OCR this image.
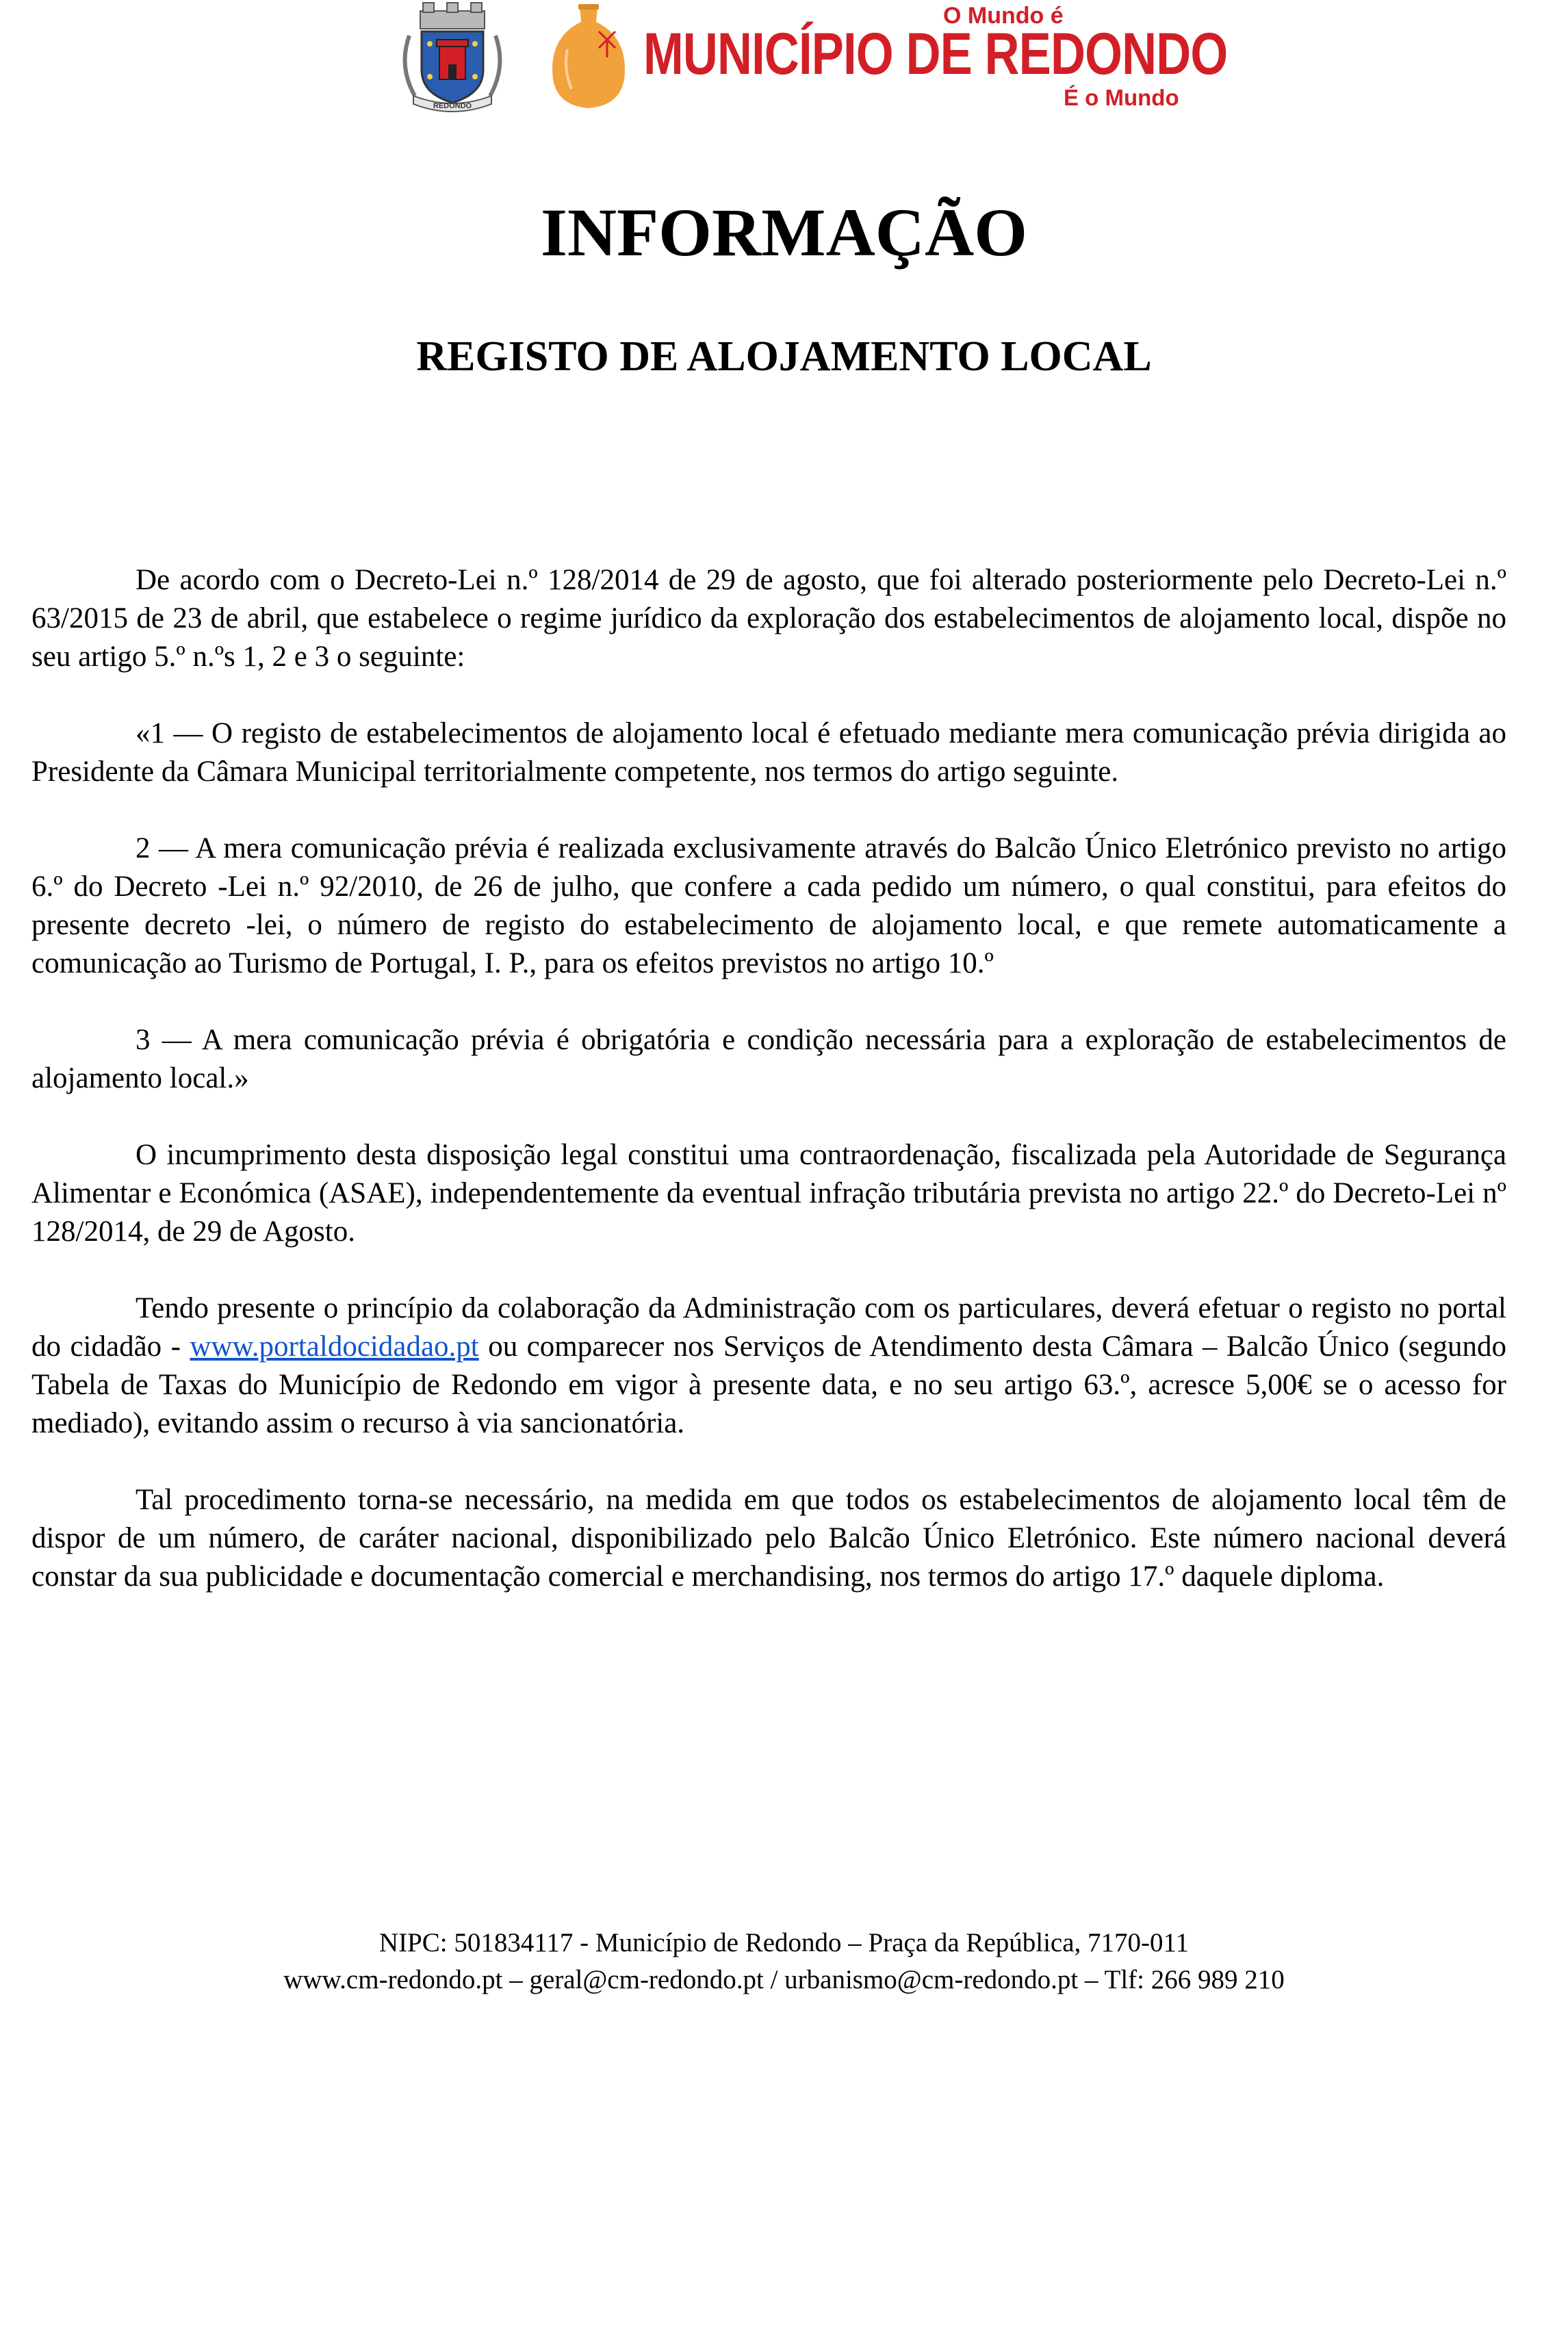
REDONDO
O Mundo é
MUNICÍPIO DE REDONDO
É o Mundo
INFORMAÇÃO
REGISTO DE ALOJAMENTO LOCAL

De acordo com o Decreto-Lei n.º 128/2014 de 29 de agosto, que foi alterado posteriormente pelo Decreto-Lei n.º 63/2015 de 23 de abril, que estabelece o regime jurídico da exploração dos estabelecimentos de alojamento local, dispõe no seu artigo 5.º n.ºs 1, 2 e 3 o seguinte:

«1 — O registo de estabelecimentos de alojamento local é efetuado mediante mera comunicação prévia dirigida ao Presidente da Câmara Municipal territorialmente competente, nos termos do artigo seguinte.

2 — A mera comunicação prévia é realizada exclusivamente através do Balcão Único Eletrónico previsto no artigo 6.º do Decreto -Lei n.º 92/2010, de 26 de julho, que confere a cada pedido um número, o qual constitui, para efeitos do presente decreto -lei, o número de registo do estabelecimento de alojamento local, e que remete automaticamente a comunicação ao Turismo de Portugal, I. P., para os efeitos previstos no artigo 10.º

3 — A mera comunicação prévia é obrigatória e condição necessária para a exploração de estabelecimentos de alojamento local.»

O incumprimento desta disposição legal constitui uma contraordenação, fiscalizada pela Autoridade de Segurança Alimentar e Económica (ASAE), independentemente da eventual infração tributária prevista no artigo 22.º do Decreto-Lei nº 128/2014, de 29 de Agosto.

Tendo presente o princípio da colaboração da Administração com os particulares, deverá efetuar o registo no portal do cidadão - www.portaldocidadao.pt ou comparecer nos Serviços de Atendimento desta Câmara – Balcão Único (segundo Tabela de Taxas do Município de Redondo em vigor à presente data, e no seu artigo 63.º, acresce 5,00€ se o acesso for mediado), evitando assim o recurso à via sancionatória.

Tal procedimento torna-se necessário, na medida em que todos os estabelecimentos de alojamento local têm de dispor de um número, de caráter nacional, disponibilizado pelo Balcão Único Eletrónico. Este número nacional deverá constar da sua publicidade e documentação comercial e merchandising, nos termos do artigo 17.º daquele diploma.

NIPC: 501834117 - Município de Redondo – Praça da República, 7170-011
www.cm-redondo.pt – geral@cm-redondo.pt / urbanismo@cm-redondo.pt – Tlf: 266 989 210
